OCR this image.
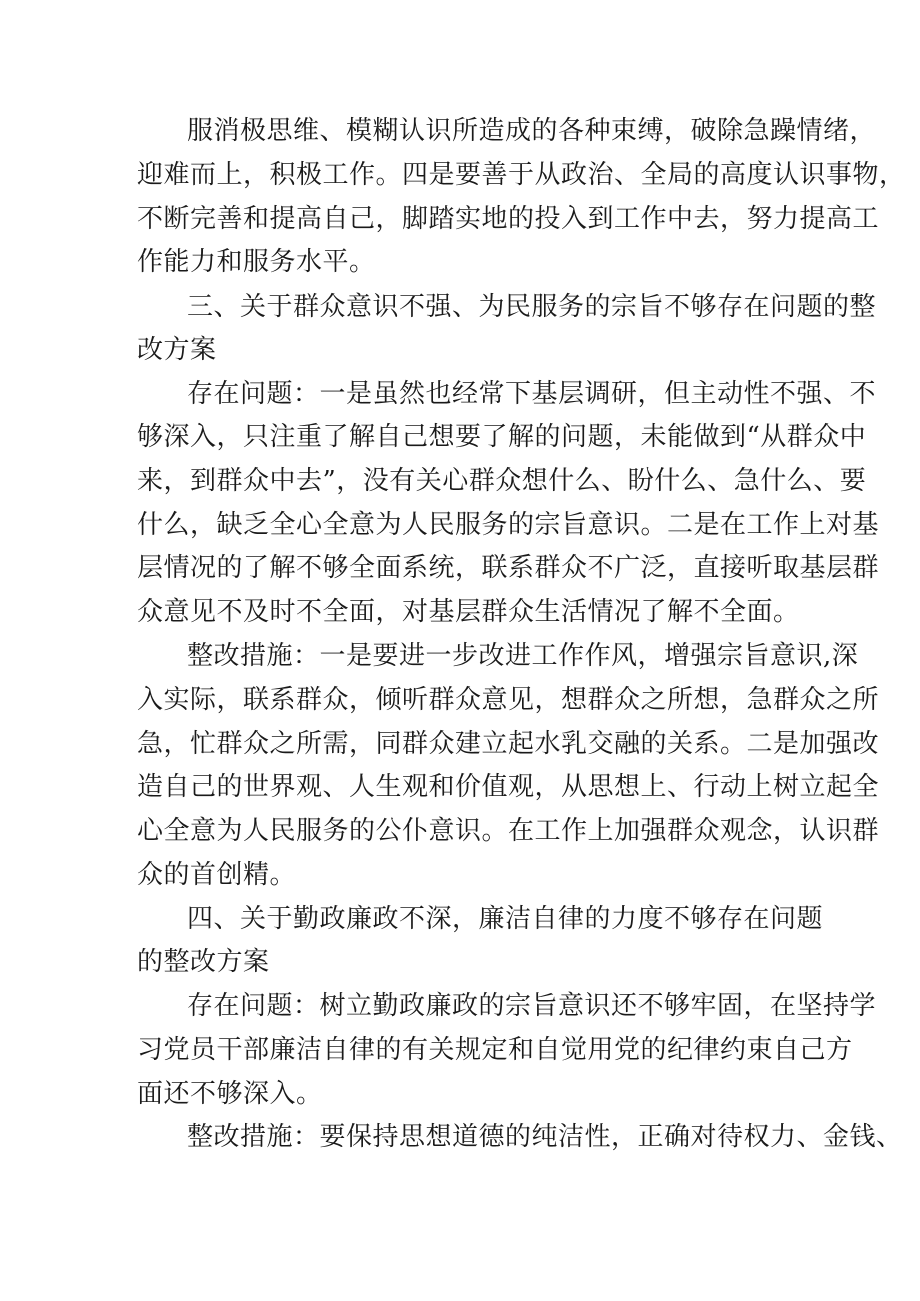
服消极思维、模糊认识所造成的各种束缚，破除急躁情绪，
迎难而上，积极工作。四是要善于从政治、全局的高度认识事物，
不断完善和提高自己，脚踏实地的投入到工作中去，努力提高工
作能力和服务水平。
三、关于群众意识不强、为民服务的宗旨不够存在问题的整
改方案
存在问题：一是虽然也经常下基层调研，但主动性不强、不
够深入，只注重了解自己想要了解的问题，未能做到“从群众中
来，到群众中去”，没有关心群众想什么、盼什么、急什么、要
什么，缺乏全心全意为人民服务的宗旨意识。二是在工作上对基
层情况的了解不够全面系统，联系群众不广泛，直接听取基层群
众意见不及时不全面，对基层群众生活情况了解不全面。
整改措施：一是要进一步改进工作作风，增强宗旨意识,深
入实际，联系群众，倾听群众意见，想群众之所想，急群众之所
急，忙群众之所需，同群众建立起水乳交融的关系。二是加强改
造自己的世界观、人生观和价值观，从思想上、行动上树立起全
心全意为人民服务的公仆意识。在工作上加强群众观念，认识群
众的首创精。
四、关于勤政廉政不深，廉洁自律的力度不够存在问题
的整改方案
存在问题：树立勤政廉政的宗旨意识还不够牢固，在坚持学
习党员干部廉洁自律的有关规定和自觉用党的纪律约束自己方
面还不够深入。
整改措施：要保持思想道德的纯洁性，正确对待权力、金钱、
